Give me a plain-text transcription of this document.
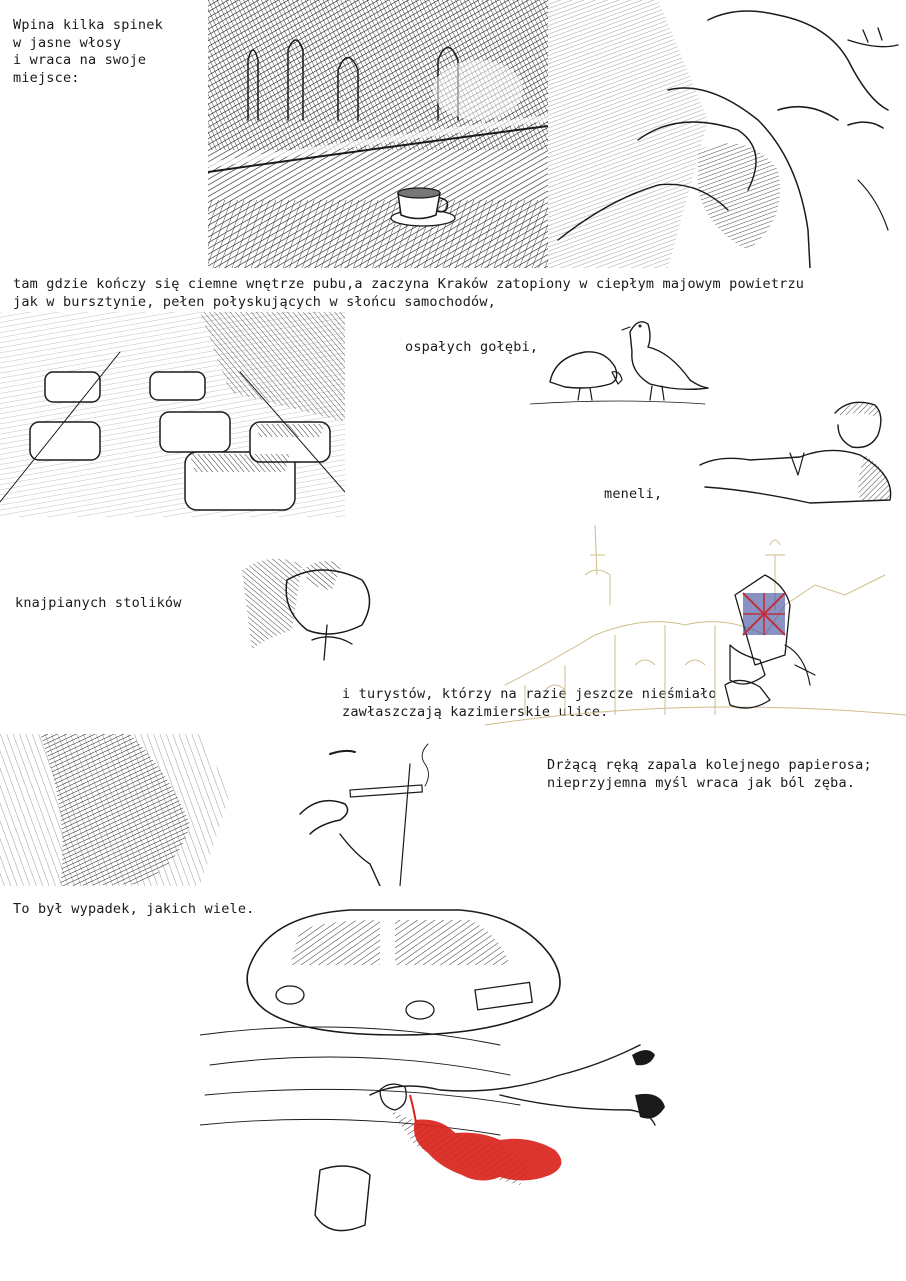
Wpina kilka spinek
w jasne włosy
i wraca na swoje
miejsce:
tam gdzie kończy się ciemne wnętrze pubu,a zaczyna Kraków zatopiony w ciepłym majowym powietrzu
jak w bursztynie, pełen połyskujących w słońcu samochodów,
ospałych gołębi,
meneli,
knajpianych stolików
i turystów, którzy na razie jeszcze nieśmiało
zawłaszczają kazimierskie ulice.
Drżącą ręką zapala kolejnego papierosa;
nieprzyjemna myśl wraca jak ból zęba.
To był wypadek, jakich wiele.
